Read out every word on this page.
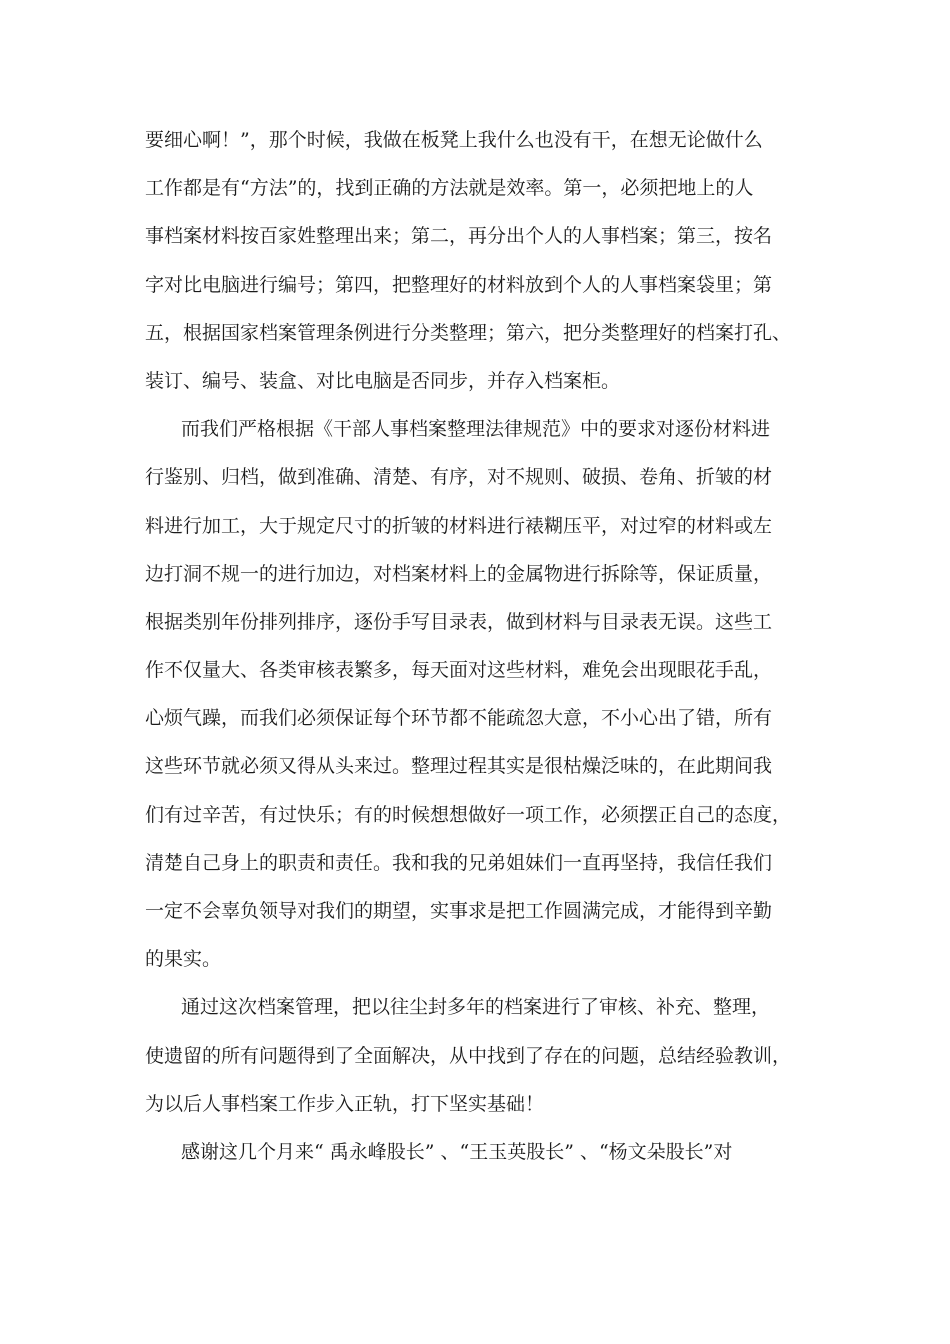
要细心啊！”，那个时候，我做在板凳上我什么也没有干，在想无论做什么
工作都是有“方法”的，找到正确的方法就是效率。第一，必须把地上的人
事档案材料按百家姓整理出来；第二，再分出个人的人事档案；第三，按名
字对比电脑进行编号；第四，把整理好的材料放到个人的人事档案袋里；第
五，根据国家档案管理条例进行分类整理；第六，把分类整理好的档案打孔、
装订、编号、装盒、对比电脑是否同步，并存入档案柜。
而我们严格根据《干部人事档案整理法律规范》中的要求对逐份材料进
行鉴别、归档，做到准确、清楚、有序，对不规则、破损、卷角、折皱的材
料进行加工，大于规定尺寸的折皱的材料进行裱糊压平，对过窄的材料或左
边打洞不规一的进行加边，对档案材料上的金属物进行拆除等，保证质量，
根据类别年份排列排序，逐份手写目录表，做到材料与目录表无误。这些工
作不仅量大、各类审核表繁多，每天面对这些材料，难免会出现眼花手乱，
心烦气躁，而我们必须保证每个环节都不能疏忽大意，不小心出了错，所有
这些环节就必须又得从头来过。整理过程其实是很枯燥泛味的，在此期间我
们有过辛苦，有过快乐；有的时候想想做好一项工作，必须摆正自己的态度，
清楚自己身上的职责和责任。我和我的兄弟姐妹们一直再坚持，我信任我们
一定不会辜负领导对我们的期望，实事求是把工作圆满完成，才能得到辛勤
的果实。
通过这次档案管理，把以往尘封多年的档案进行了审核、补充、整理，
使遗留的所有问题得到了全面解决，从中找到了存在的问题，总结经验教训，
为以后人事档案工作步入正轨，打下坚实基础！
感谢这几个月来“ 禹永峰股长” 、“王玉英股长” 、“杨文朵股长”对
